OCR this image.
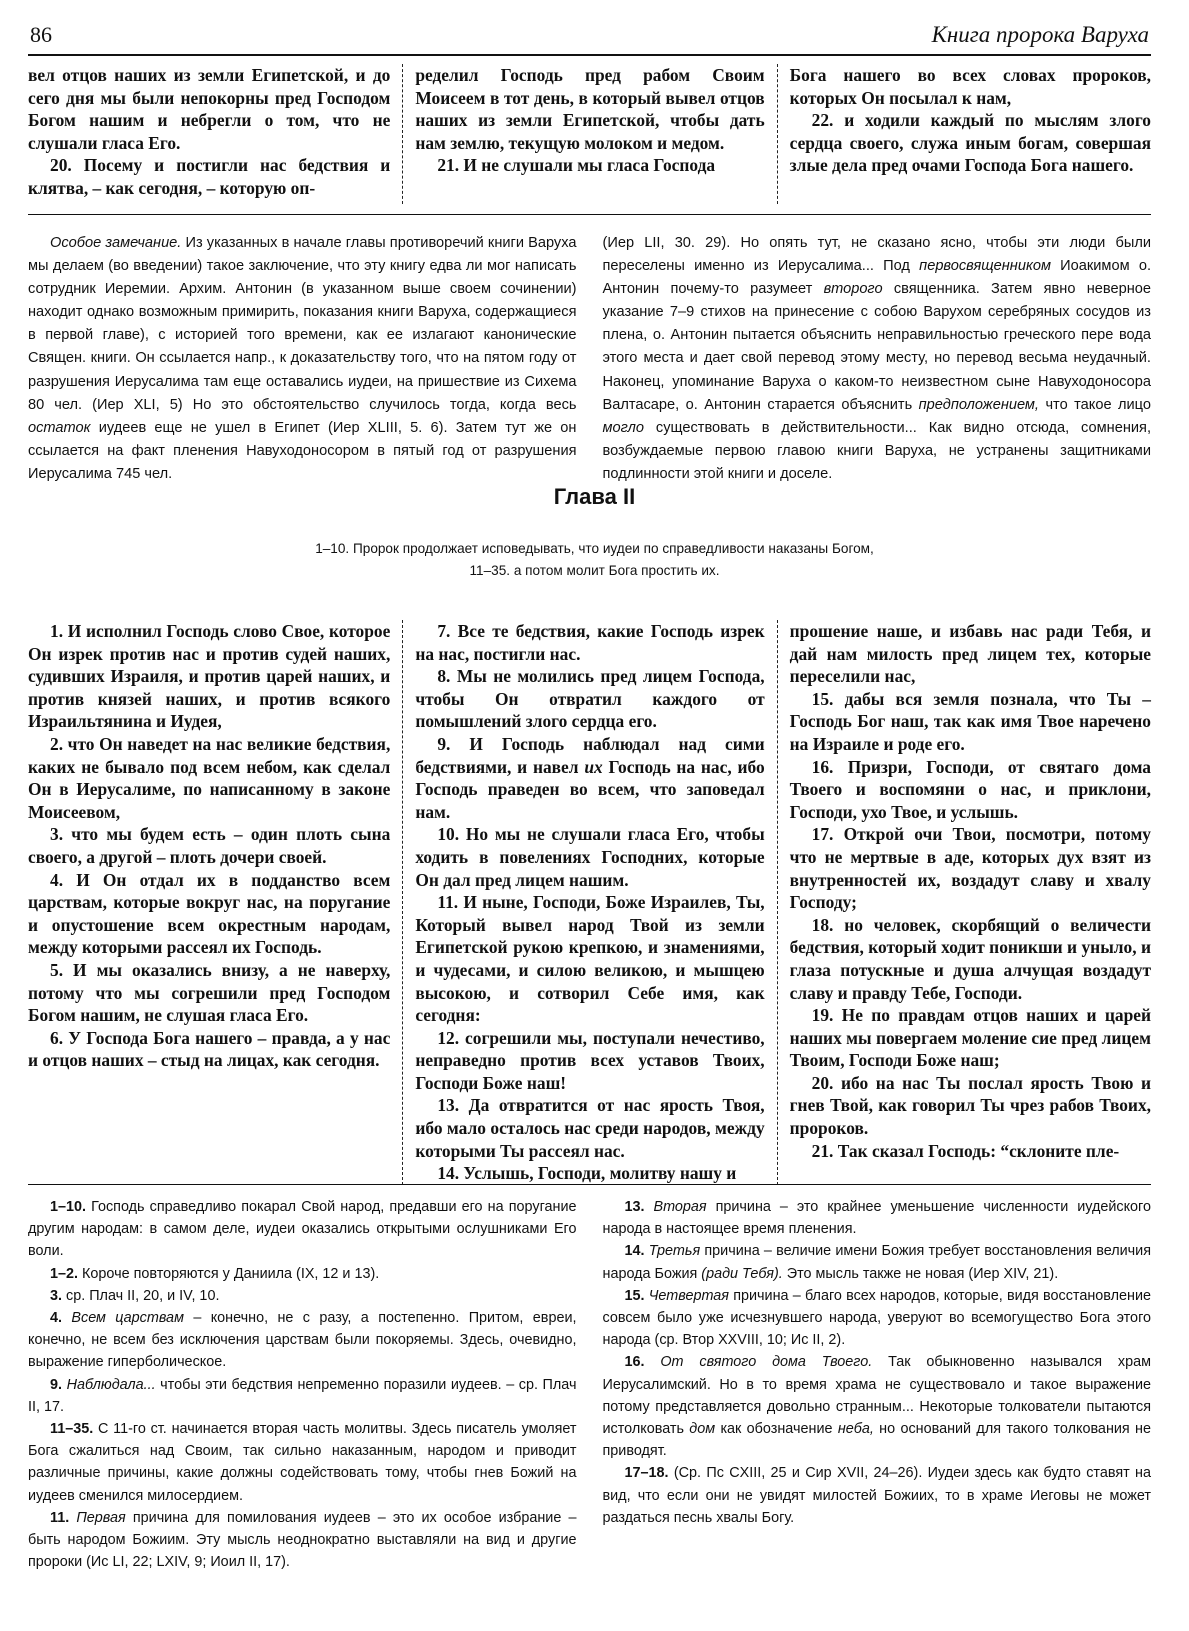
86	Книга пророка Варуха

вел отцов наших из земли Египетской, и до сего дня мы были непокорны пред Господом Богом нашим и небрегли о том, что не слушали гласа Его.

20. Посему и постигли нас бедствия и клятва, – как сегодня, – которую оп-

ределил Господь пред рабом Своим Моисеем в тот день, в который вывел отцов наших из земли Египетской, чтобы дать нам землю, текущую молоком и медом.

21. И не слушали мы гласа Господа

Бога нашего во всех словах пророков, которых Он посылал к нам,

22. и ходили каждый по мыслям злого сердца своего, служа иным богам, совершая злые дела пред очами Господа Бога нашего.

Особое замечание. Из указанных в начале главы противоречий книги Варуха мы делаем (во введении) такое заключение, что эту книгу едва ли мог написать сотрудник Иеремии. Архим. Антонин (в указанном выше своем сочинении) находит однако возможным примирить, показания книги Варуха, содержащиеся в первой главе), с историей того времени, как ее излагают канонические Священ. книги. Он ссылается напр., к доказательству того, что на пятом году от разрушения Иерусалима там еще оставались иудеи, на пришествие из Сихема 80 чел. (Иер XLI, 5) Но это обстоятельство случилось тогда, когда весь остаток иудеев еще не ушел в Египет (Иер XLIII, 5. 6). Затем тут же он ссылается на факт пленения Навуходоносором в пятый год от разрушения Иерусалима 745 чел.

(Иер LII, 30. 29). Но опять тут, не сказано ясно, чтобы эти люди были переселены именно из Иерусалима... Под первосвященником Иоакимом о. Антонин почему-то разумеет второго священника. Затем явно неверное указание 7–9 стихов на принесение с собою Варухом серебряных сосудов из плена, о. Антонин пытается объяснить неправильностью греческого пере вода этого места и дает свой перевод этому месту, но перевод весьма неудачный. Наконец, упоминание Варуха о каком-то неизвестном сыне Навуходоносора Валтасаре, о. Антонин старается объяснить предположением, что такое лицо могло существовать в действительности... Как видно отсюда, сомнения, возбуждаемые первою главою книги Варуха, не устранены защитниками подлинности этой книги и доселе.

Глава II
1–10. Пророк продолжает исповедывать, что иудеи по справедливости наказаны Богом,
11–35. а потом молит Бога простить их.

1. И исполнил Господь слово Свое, которое Он изрек против нас и против судей наших, судивших Израиля, и против царей наших, и против князей наших, и против всякого Израильтянина и Иудея,

2. что Он наведет на нас великие бедствия, каких не бывало под всем небом, как сделал Он в Иерусалиме, по написанному в законе Моисеевом,

3. что мы будем есть – один плоть сына своего, а другой – плоть дочери своей.

4. И Он отдал их в подданство всем царствам, которые вокруг нас, на поругание и опустошение всем окрестным народам, между которыми рассеял их Господь.

5. И мы оказались внизу, а не наверху, потому что мы согрешили пред Господом Богом нашим, не слушая гласа Его.

6. У Господа Бога нашего – правда, а у нас и отцов наших – стыд на лицах, как сегодня.

7. Все те бедствия, какие Господь изрек на нас, постигли нас.

8. Мы не молились пред лицем Господа, чтобы Он отвратил каждого от помышлений злого сердца его.

9. И Господь наблюдал над сими бедствиями, и навел их Господь на нас, ибо Господь праведен во всем, что заповедал нам.

10. Но мы не слушали гласа Его, чтобы ходить в повелениях Господних, которые Он дал пред лицем нашим.

11. И ныне, Господи, Боже Израилев, Ты, Который вывел народ Твой из земли Египетской рукою крепкою, и знамениями, и чудесами, и силою великою, и мышцею высокою, и сотворил Себе имя, как сегодня:

12. согрешили мы, поступали нечестиво, неправедно против всех уставов Твоих, Господи Боже наш!

13. Да отвратится от нас ярость Твоя, ибо мало осталось нас среди народов, между которыми Ты рассеял нас.

14. Услышь, Господи, молитву нашу и

прошение наше, и избавь нас ради Тебя, и дай нам милость пред лицем тех, которые переселили нас,

15. дабы вся земля познала, что Ты – Господь Бог наш, так как имя Твое наречено на Израиле и роде его.

16. Призри, Господи, от святаго дома Твоего и воспомяни о нас, и приклони, Господи, ухо Твое, и услышь.

17. Открой очи Твои, посмотри, потому что не мертвые в аде, которых дух взят из внутренностей их, воздадут славу и хвалу Господу;

18. но человек, скорбящий о величести бедствия, который ходит поникши и уныло, и глаза потускные и душа алчущая воздадут славу и правду Тебе, Господи.

19. Не по правдам отцов наших и царей наших мы повергаем моление сие пред лицем Твоим, Господи Боже наш;

20. ибо на нас Ты послал ярость Твою и гнев Твой, как говорил Ты чрез рабов Твоих, пророков.

21. Так сказал Господь: “склоните пле-

1–10. Господь справедливо покарал Свой народ, предавши его на поругание другим народам: в самом деле, иудеи оказались открытыми ослушниками Его воли.

1–2. Короче повторяются у Даниила (IX, 12 и 13).

3. ср. Плач II, 20, и IV, 10.

4. Всем царствам – конечно, не с разу, а постепенно. Притом, евреи, конечно, не всем без исключения царствам были покоряемы. Здесь, очевидно, выражение гиперболическое.

9. Наблюдала... чтобы эти бедствия непременно поразили иудеев. – ср. Плач II, 17.

11–35. С 11-го ст. начинается вторая часть молитвы. Здесь писатель умоляет Бога сжалиться над Своим, так сильно наказанным, народом и приводит различные причины, какие должны содействовать тому, чтобы гнев Божий на иудеев сменился милосердием.

11. Первая причина для помилования иудеев – это их особое избрание – быть народом Божиим. Эту мысль неоднократно выставляли на вид и другие пророки (Ис LI, 22; LXIV, 9; Иоил II, 17).

13. Вторая причина – это крайнее уменьшение численности иудейского народа в настоящее время пленения.

14. Третья причина – величие имени Божия требует восстановления величия народа Божия (ради Тебя). Это мысль также не новая (Иер XIV, 21).

15. Четвертая причина – благо всех народов, которые, видя восстановление совсем было уже исчезнувшего народа, уверуют во всемогущество Бога этого народа (ср. Втор XXVIII, 10; Ис II, 2).

16. От святого дома Твоего. Так обыкновенно назывался храм Иерусалимский. Но в то время храма не существовало и такое выражение потому представляется довольно странным... Некоторые толкователи пытаются истолковать дом как обозначение неба, но оснований для такого толкования не приводят.

17–18. (Ср. Пс CXIII, 25 и Сир XVII, 24–26). Иудеи здесь как будто ставят на вид, что если они не увидят милостей Божиих, то в храме Иеговы не может раздаться песнь хвалы Богу.
